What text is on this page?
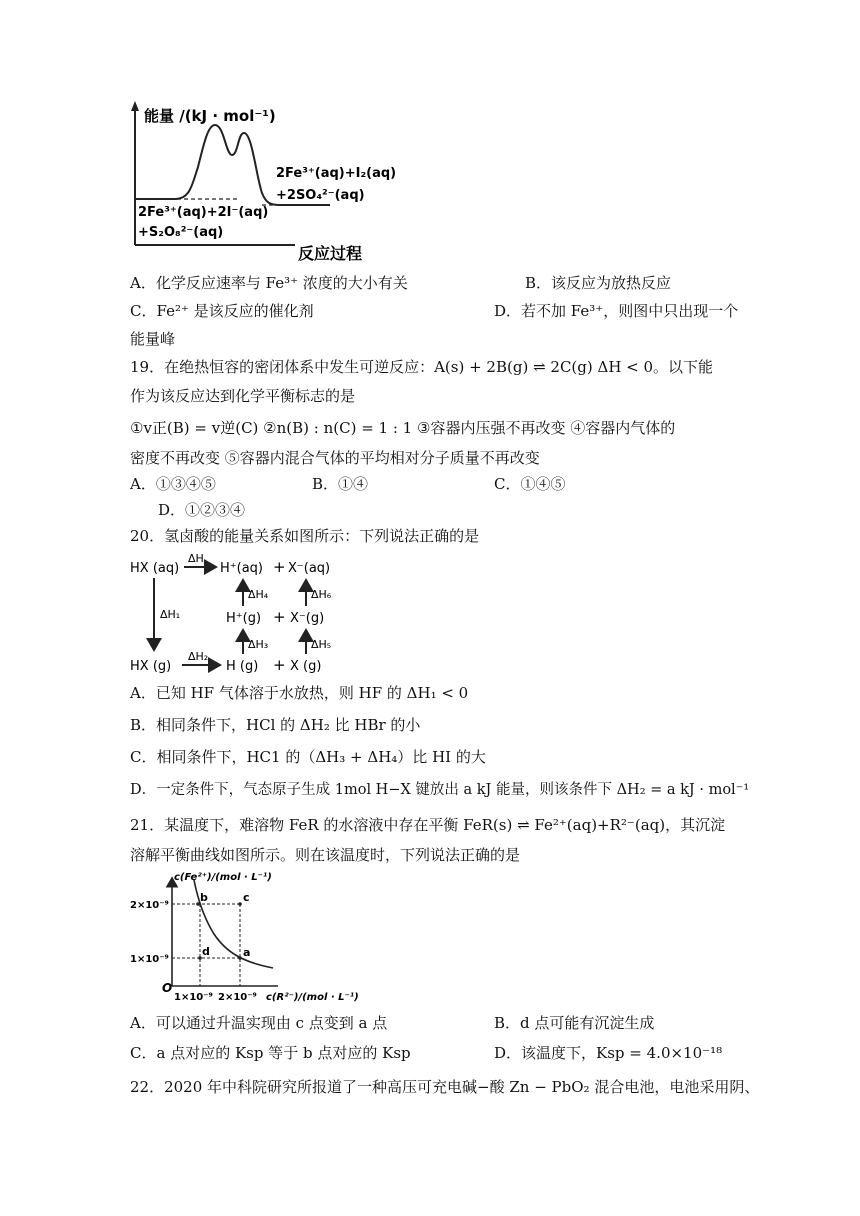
能量 /(kJ · mol⁻¹)
2Fe³⁺(aq)+2I⁻(aq)
+S₂O₈²⁻(aq)
2Fe³⁺(aq)+I₂(aq)
+2SO₄²⁻(aq)
反应过程
A．化学反应速率与 Fe³⁺ 浓度的大小有关	B．该反应为放热反应
C．Fe²⁺ 是该反应的催化剂	D．若不加 Fe³⁺，则图中只出现一个
能量峰
19．在绝热恒容的密闭体系中发生可逆反应：A(s) + 2B(g) ⇌ 2C(g) ΔH < 0。以下能
作为该反应达到化学平衡标志的是
①v正(B) = v逆(C) ②n(B) : n(C) = 1 : 1 ③容器内压强不再改变 ④容器内气体的
密度不再改变 ⑤容器内混合气体的平均相对分子质量不再改变
A．①③④⑤	B．①④	C．①④⑤
D．①②③④
20．氢卤酸的能量关系如图所示：下列说法正确的是
HX (aq)
ΔH
H⁺(aq) + X⁻(aq)
ΔH₁
ΔH₄	ΔH₆
H⁺(g) + X⁻(g)
ΔH₃	ΔH₅
HX (g)
ΔH₂
H (g) + X (g)
A．已知 HF 气体溶于水放热，则 HF 的 ΔH₁ < 0
B．相同条件下，HCl 的 ΔH₂ 比 HBr 的小
C．相同条件下，HC1 的（ΔH₃ + ΔH₄）比 HI 的大
D．一定条件下，气态原子生成 1mol H−X 键放出 a kJ 能量，则该条件下 ΔH₂ = a kJ · mol⁻¹
21．某温度下，难溶物 FeR 的水溶液中存在平衡 FeR(s) ⇌ Fe²⁺(aq)+R²⁻(aq)，其沉淀
溶解平衡曲线如图所示。则在该温度时，下列说法正确的是
b	c
a
d
c(Fe²⁺)/(mol · L⁻¹)
2×10⁻⁹
1×10⁻⁹
O
1×10⁻⁹ 2×10⁻⁹ c(R²⁻)/(mol · L⁻¹)
A．可以通过升温实现由 c 点变到 a 点	B．d 点可能有沉淀生成
C．a 点对应的 Ksp 等于 b 点对应的 Ksp	D．该温度下，Ksp = 4.0×10⁻¹⁸
22．2020 年中科院研究所报道了一种高压可充电碱−酸 Zn − PbO₂ 混合电池，电池采用阴、
